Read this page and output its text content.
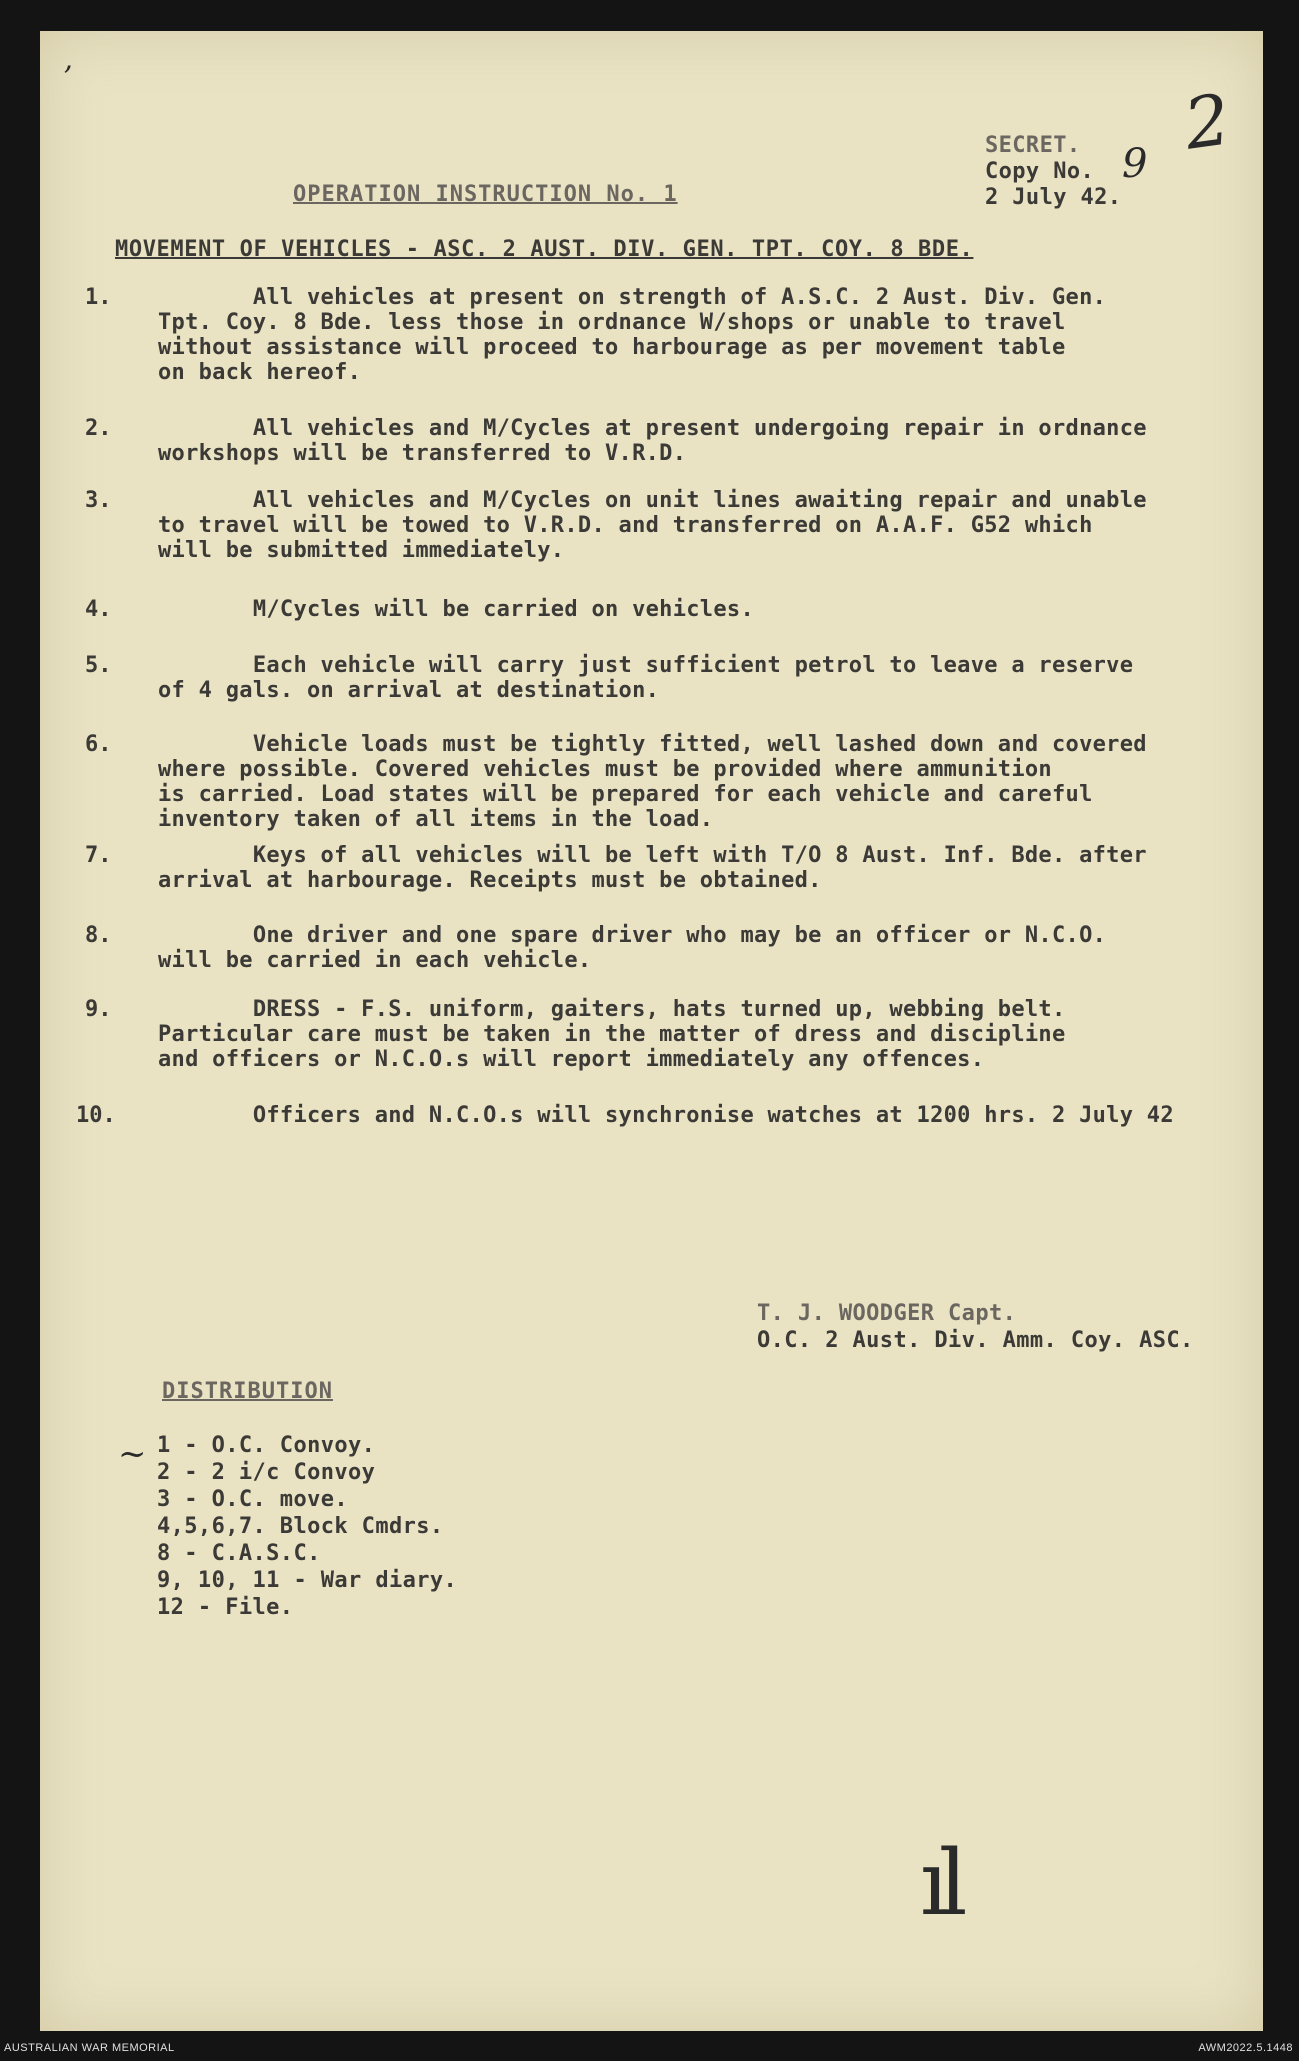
2
ʼ
SECRET.
Copy No. 9
2 July 42.
OPERATION INSTRUCTION No. 1
MOVEMENT OF VEHICLES - ASC. 2 AUST. DIV. GEN. TPT. COY. 8 BDE.
1. All vehicles at present on strength of A.S.C. 2 Aust. Div. Gen.
Tpt. Coy. 8 Bde. less those in ordnance W/shops or unable to travel
without assistance will proceed to harbourage as per movement table
on back hereof.
2. All vehicles and M/Cycles at present undergoing repair in ordnance
workshops will be transferred to V.R.D.
3. All vehicles and M/Cycles on unit lines awaiting repair and unable
to travel will be towed to V.R.D. and transferred on A.A.F. G52 which
will be submitted immediately.
4. M/Cycles will be carried on vehicles.
5. Each vehicle will carry just sufficient petrol to leave a reserve
of 4 gals. on arrival at destination.
6. Vehicle loads must be tightly fitted, well lashed down and covered
where possible. Covered vehicles must be provided where ammunition
is carried. Load states will be prepared for each vehicle and careful
inventory taken of all items in the load.
7. Keys of all vehicles will be left with T/O 8 Aust. Inf. Bde. after
arrival at harbourage. Receipts must be obtained.
8. One driver and one spare driver who may be an officer or N.C.O.
will be carried in each vehicle.
9. DRESS - F.S. uniform, gaiters, hats turned up, webbing belt.
Particular care must be taken in the matter of dress and discipline
and officers or N.C.O.s will report immediately any offences.
10. Officers and N.C.O.s will synchronise watches at 1200 hrs. 2 July 42
T. J. WOODGER Capt.
O.C. 2 Aust. Div. Amm. Coy. ASC.
DISTRIBUTION
~ 1 - O.C. Convoy.
2 - 2 i/c Convoy
3 - O.C. move.
4,5,6,7. Block Cmdrs.
8 - C.A.S.C.
9, 10, 11 - War diary.
12 - File.
ıl
AUSTRALIAN WAR MEMORIAL	AWM2022.5.1448
